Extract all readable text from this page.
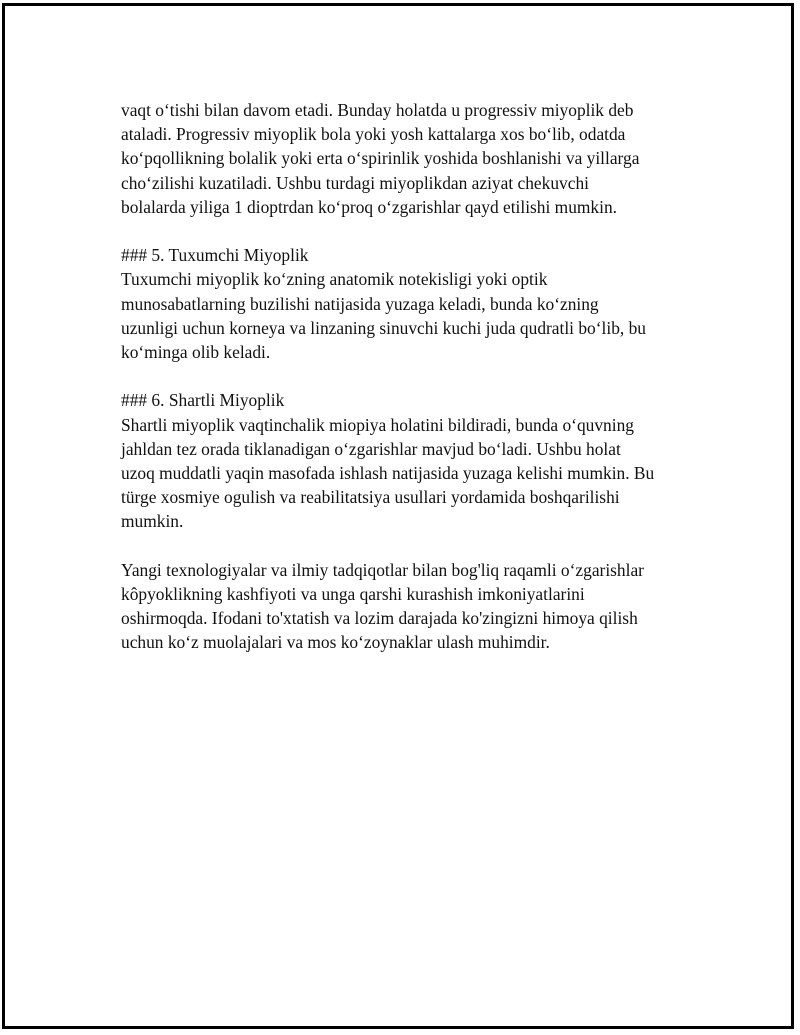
vaqt o‘tishi bilan davom etadi. Bunday holatda u progressiv miyoplik deb
ataladi. Progressiv miyoplik bola yoki yosh kattalarga xos bo‘lib, odatda
ko‘pqollikning bolalik yoki erta o‘spirinlik yoshida boshlanishi va yillarga
cho‘zilishi kuzatiladi. Ushbu turdagi miyoplikdan aziyat chekuvchi
bolalarda yiliga 1 dioptrdan ko‘proq o‘zgarishlar qayd etilishi mumkin.

### 5. Tuxumchi Miyoplik
Tuxumchi miyoplik ko‘zning anatomik notekisligi yoki optik
munosabatlarning buzilishi natijasida yuzaga keladi, bunda ko‘zning
uzunligi uchun korneya va linzaning sinuvchi kuchi juda qudratli bo‘lib, bu
ko‘minga olib keladi.
### 6. Shartli Miyoplik
Shartli miyoplik vaqtinchalik miopiya holatini bildiradi, bunda o‘quvning
jahldan tez orada tiklanadigan o‘zgarishlar mavjud bo‘ladi. Ushbu holat
uzoq muddatli yaqin masofada ishlash natijasida yuzaga kelishi mumkin. Bu
türge xosmiye ogulish va reabilitatsiya usullari yordamida boshqarilishi
mumkin.

Yangi texnologiyalar va ilmiy tadqiqotlar bilan bog'liq raqamli o‘zgarishlar
kôpyoklikning kashfiyoti va unga qarshi kurashish imkoniyatlarini
oshirmoqda. Ifodani to'xtatish va lozim darajada ko'zingizni himoya qilish
uchun ko‘z muolajalari va mos ko‘zoynaklar ulash muhimdir.
